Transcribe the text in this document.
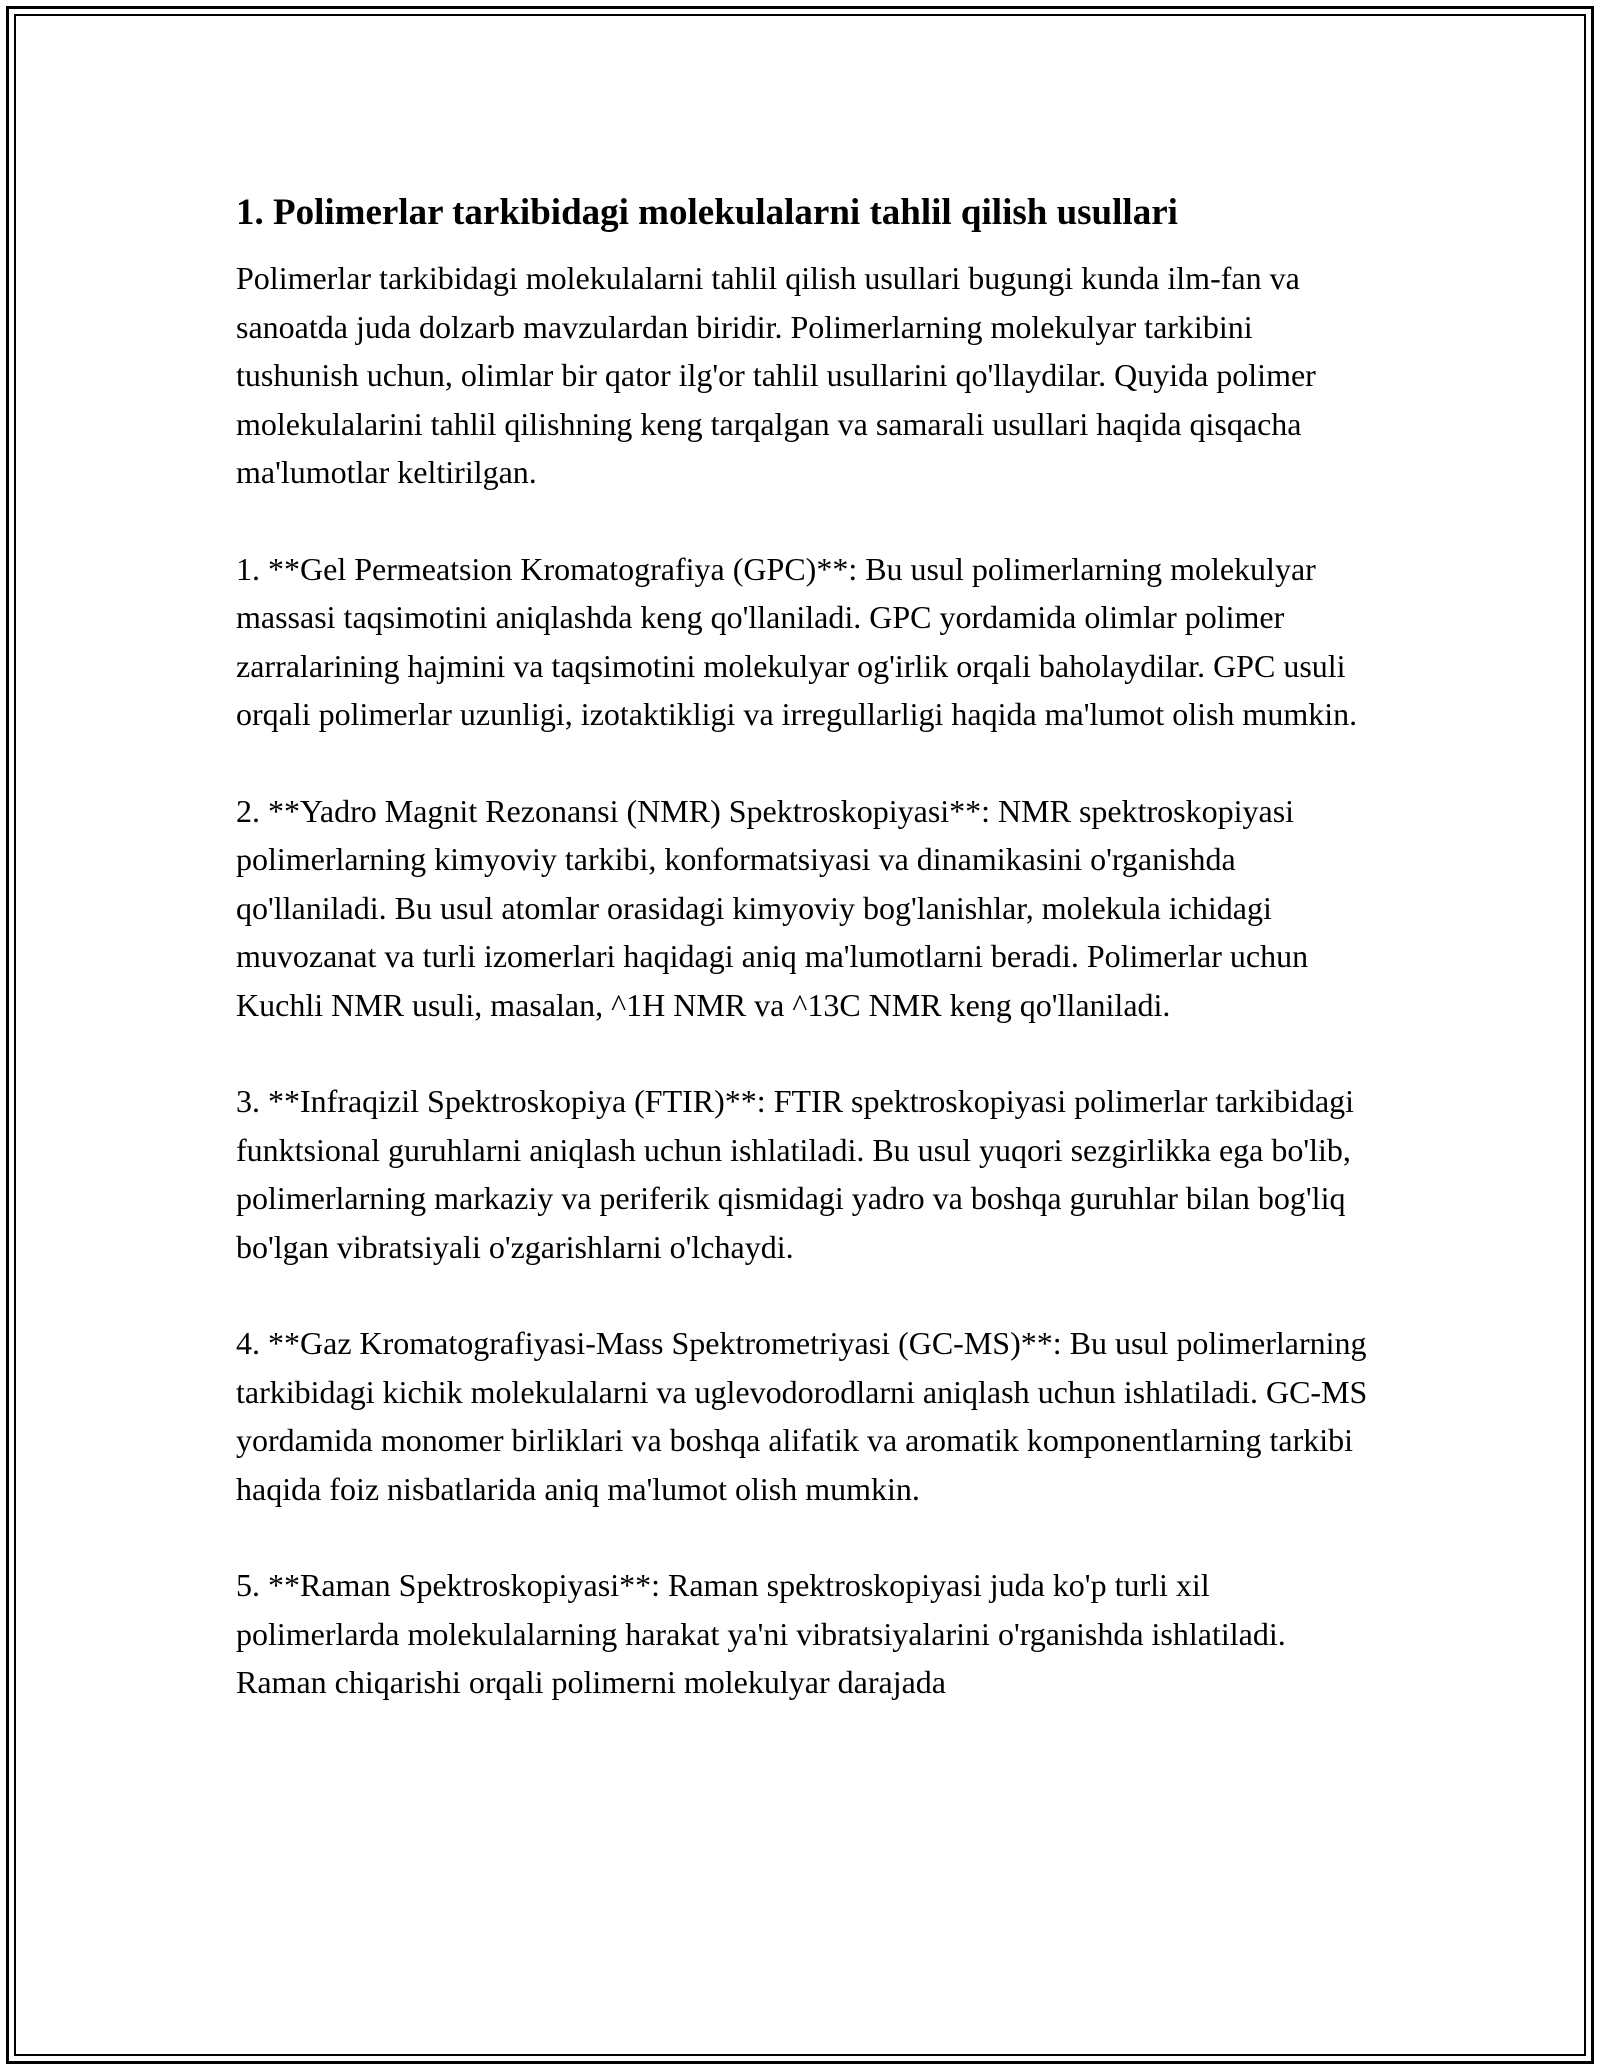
1. Polimerlar tarkibidagi molekulalarni tahlil qilish usullari

Polimerlar tarkibidagi molekulalarni tahlil qilish usullari bugungi kunda ilm-fan va sanoatda juda dolzarb mavzulardan biridir. Polimerlarning molekulyar tarkibini tushunish uchun, olimlar bir qator ilg'or tahlil usullarini qo'llaydilar. Quyida polimer molekulalarini tahlil qilishning keng tarqalgan va samarali usullari haqida qisqacha ma'lumotlar keltirilgan.

1. **Gel Permeatsion Kromatografiya (GPC)**: Bu usul polimerlarning molekulyar massasi taqsimotini aniqlashda keng qo'llaniladi. GPC yordamida olimlar polimer zarralarining hajmini va taqsimotini molekulyar og'irlik orqali baholaydilar. GPC usuli orqali polimerlar uzunligi, izotaktikligi va irregullarligi haqida ma'lumot olish mumkin.

2. **Yadro Magnit Rezonansi (NMR) Spektroskopiyasi**: NMR spektroskopiyasi polimerlarning kimyoviy tarkibi, konformatsiyasi va dinamikasini o'rganishda qo'llaniladi. Bu usul atomlar orasidagi kimyoviy bog'lanishlar, molekula ichidagi muvozanat va turli izomerlari haqidagi aniq ma'lumotlarni beradi. Polimerlar uchun Kuchli NMR usuli, masalan, ^1H NMR va ^13C NMR keng qo'llaniladi.

3. **Infraqizil Spektroskopiya (FTIR)**: FTIR spektroskopiyasi polimerlar tarkibidagi funktsional guruhlarni aniqlash uchun ishlatiladi. Bu usul yuqori sezgirlikka ega bo'lib, polimerlarning markaziy va periferik qismidagi yadro va boshqa guruhlar bilan bog'liq bo'lgan vibratsiyali o'zgarishlarni o'lchaydi.

4. **Gaz Kromatografiyasi-Mass Spektrometriyasi (GC-MS)**: Bu usul polimerlarning tarkibidagi kichik molekulalarni va uglevodorodlarni aniqlash uchun ishlatiladi. GC-MS yordamida monomer birliklari va boshqa alifatik va aromatik komponentlarning tarkibi haqida foiz nisbatlarida aniq ma'lumot olish mumkin.

5. **Raman Spektroskopiyasi**: Raman spektroskopiyasi juda ko'p turli xil polimerlarda molekulalarning harakat ya'ni vibratsiyalarini o'rganishda ishlatiladi. Raman chiqarishi orqali polimerni molekulyar darajada
